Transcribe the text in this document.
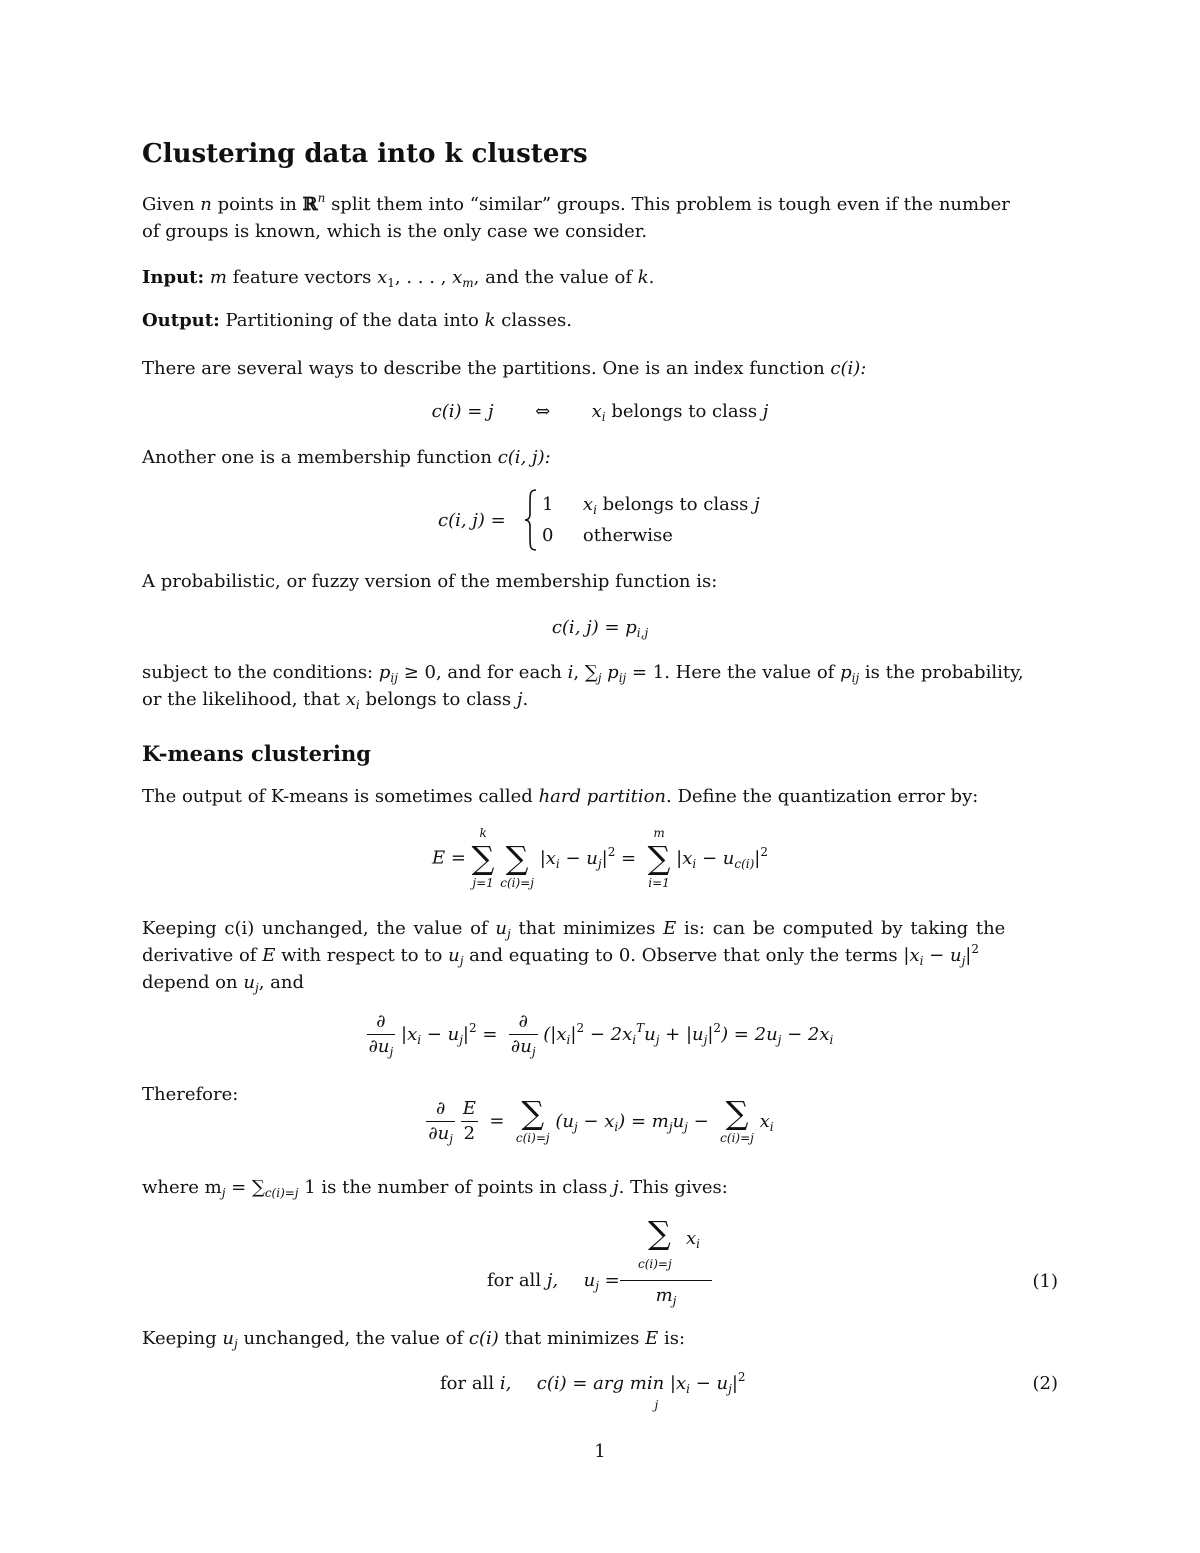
Clustering data into k clusters

Given n points in ℝ$^n$ split them into “similar” groups. This problem is tough even if the number

of groups is known, which is the only case we consider.

Input: m feature vectors $x_1$, . . . , $x_m$, and the value of k.

Output: Partitioning of the data into k classes.

There are several ways to describe the partitions. One is an index function c(i):

c(i) = j ⇔ $x_i$ belongs to class j

Another one is a membership function c(i, j):

c(i, j) =
1 $x_i$ belongs to class j
0 otherwise

A probabilistic, or fuzzy version of the membership function is:

c(i, $j) = p_{i,j}$

subject to the conditions: $p_{ij} \ge 0$, and for each i, $\sum_j$ $p_{ij} = 1$. Here the value of $p_{ij}$ is the probability,

or the likelihood, that $x_i$ belongs to class j.

K-means clustering

The output of K-means is sometimes called hard partition. Define the quantization error by:

E =
k
∑
j=1

∑
c(i)=j
$|x_i - u_j|^2$ =
m
∑
i=1
$|x_i - u_{c(i)}|^2$

Keeping c(i) unchanged, the value of $u_j$ that minimizes E is: can be computed by taking the

derivative of E with respect to to $u_j$ and equating to 0. Observe that only the terms $|x_i - u_j|^2$

depend on $u_j$, and

$\frac{\partial}{\partial u_j} |x_i - u_j|^2 = \frac{\partial}{\partial u_j} (|x_i|^2 - 2x_i^Tu_j + |u_j|^2) = 2u_j - 2x_i$

Therefore:

$\frac{\partial}{\partial u_j}$
$\frac{E}{2}$ = ∑
c(i)=j
$(u_j - x_i) = m_ju_j$ − ∑
c(i)=j
$x_i$

where $m_j = \sum_{c(i)=j}$ 1 is the number of points in class j. This gives:

for all j, $u_j$ =
∑ $x_i$
c(i)=j
$m_j$
(1)

Keeping $u_j$ unchanged, the value of c(i) that minimizes E is:

for all i, c(i) = arg min
j
$|x_i - u_j|^2$	(2)
1
